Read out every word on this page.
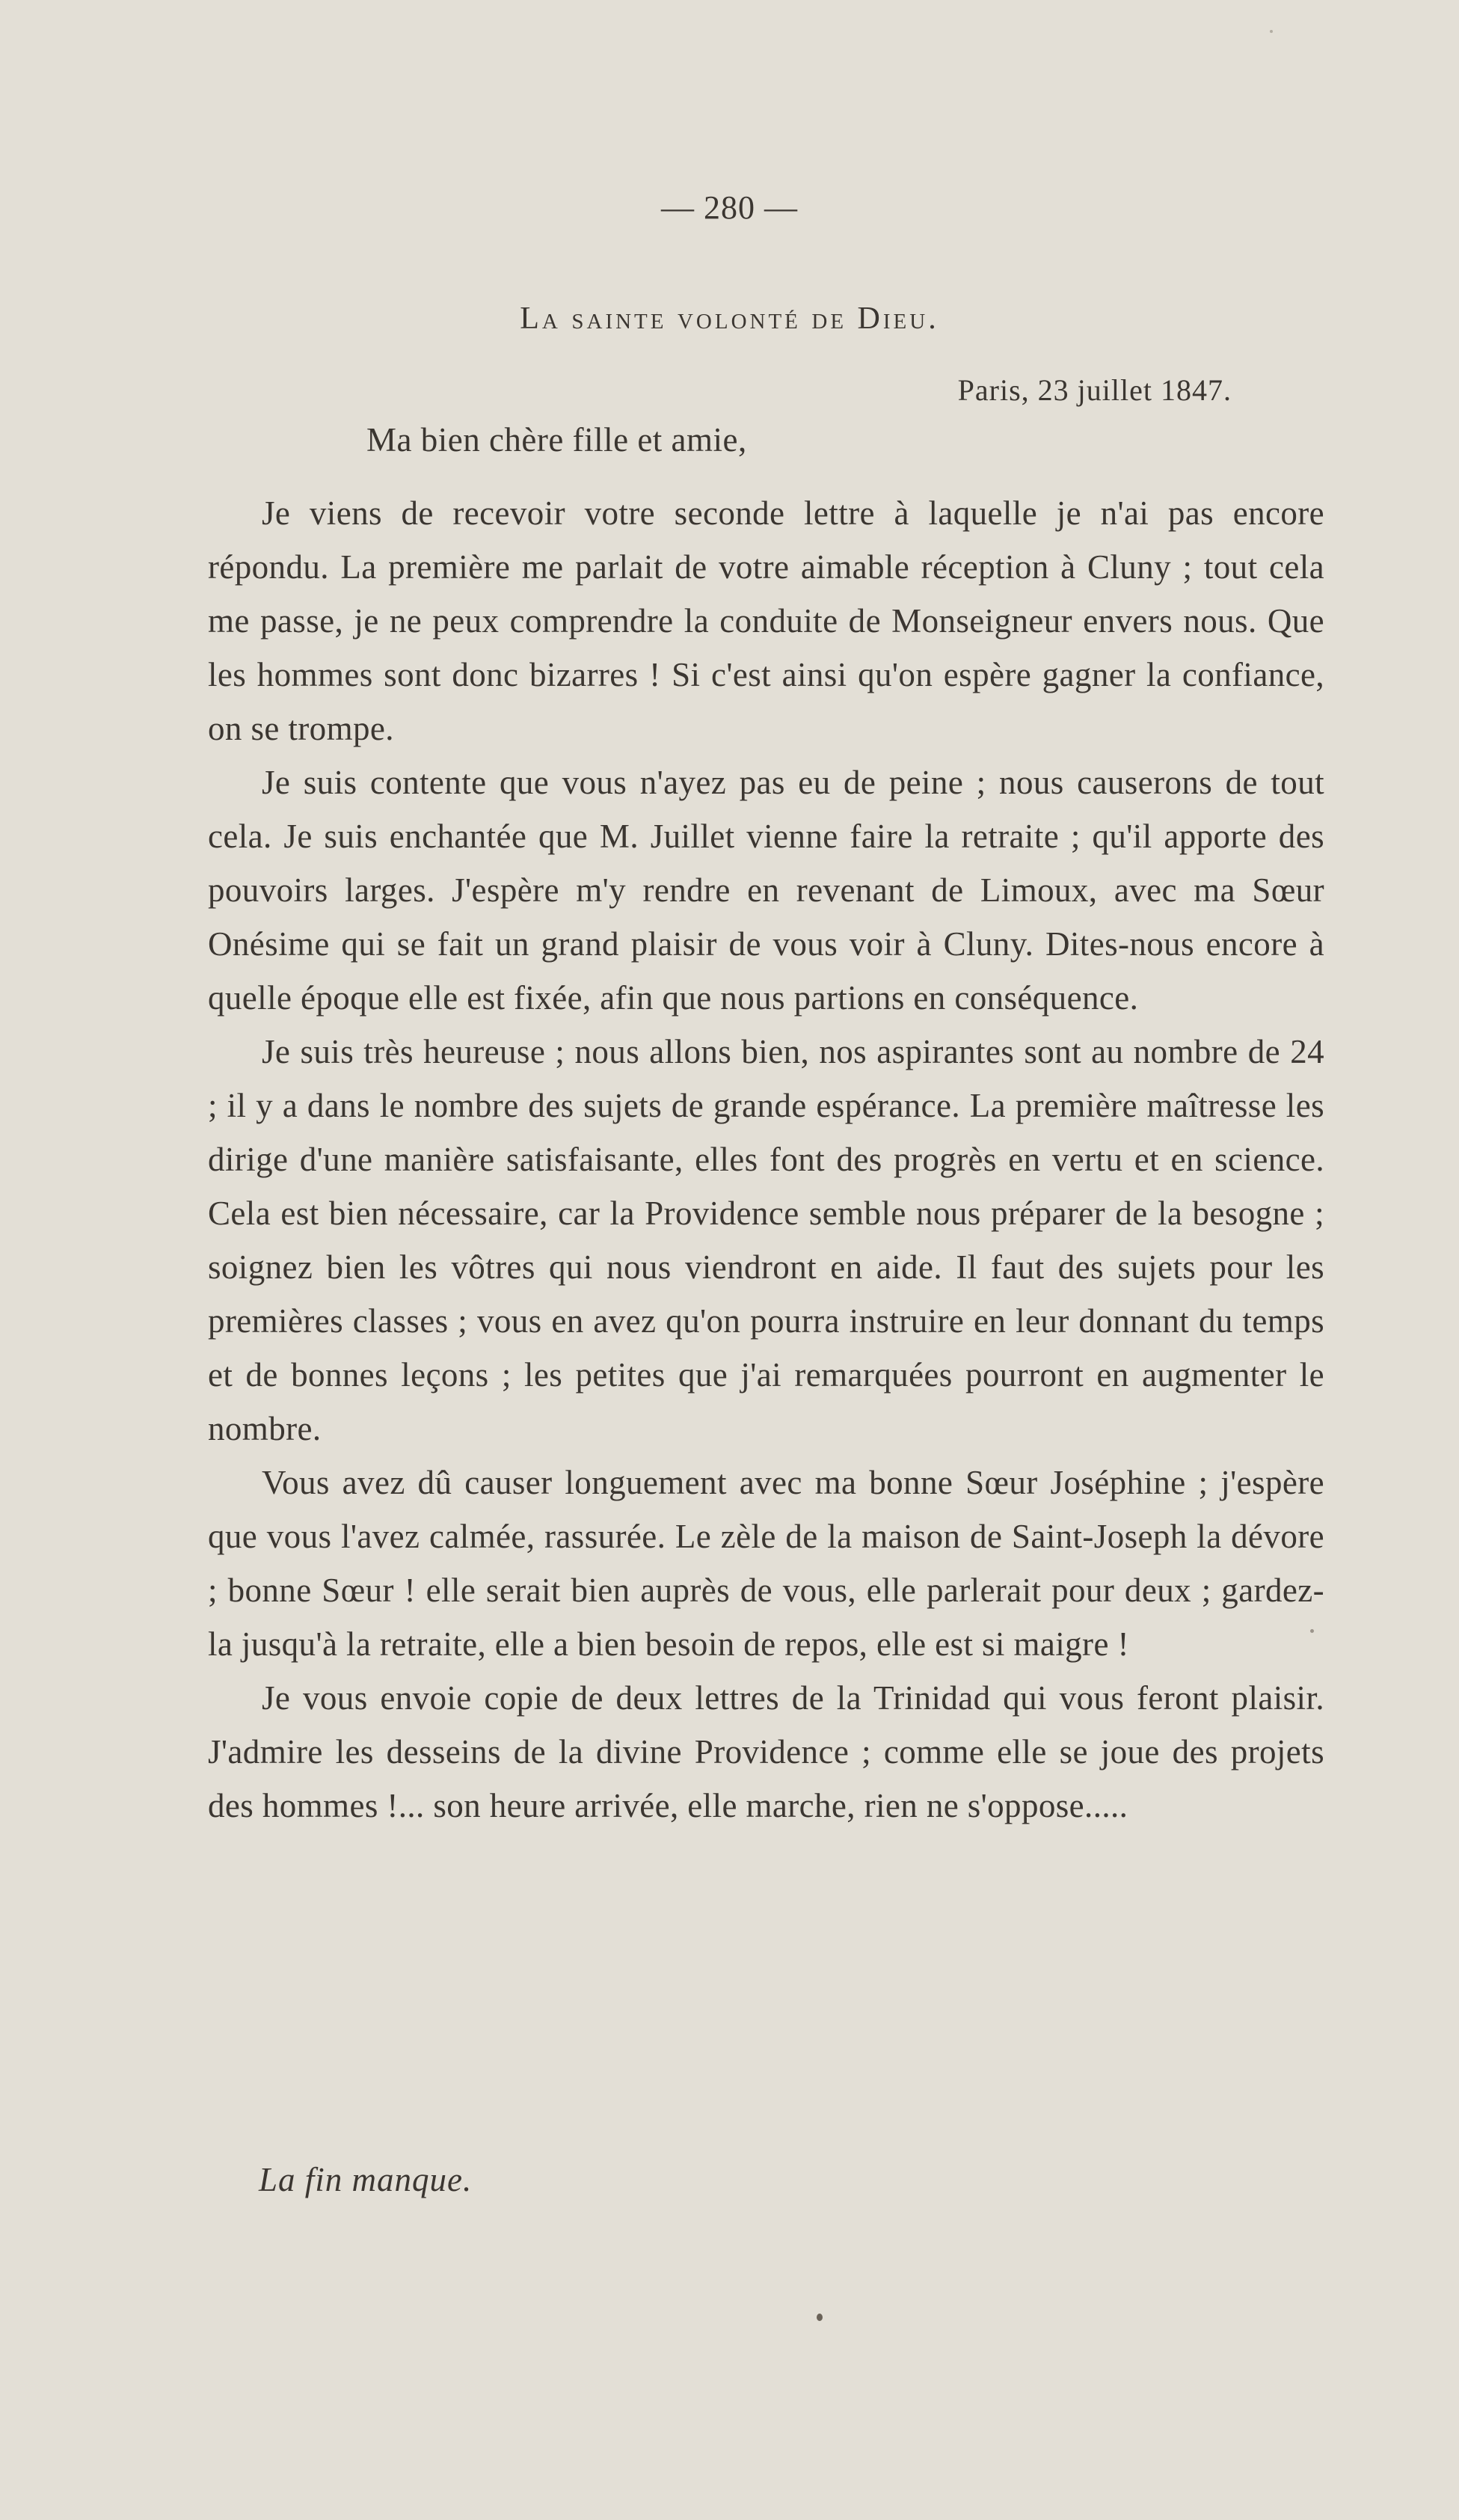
— 280 —
La sainte volonté de Dieu.
Paris, 23 juillet 1847.
Ma bien chère fille et amie,

Je viens de recevoir votre seconde lettre à laquelle je n'ai pas encore répondu. La première me parlait de votre aimable réception à Cluny ; tout cela me passe, je ne peux comprendre la conduite de Monseigneur envers nous. Que les hommes sont donc bizarres ! Si c'est ainsi qu'on espère gagner la confiance, on se trompe.

Je suis contente que vous n'ayez pas eu de peine ; nous causerons de tout cela. Je suis enchantée que M. Juillet vienne faire la retraite ; qu'il apporte des pouvoirs larges. J'espère m'y rendre en revenant de Limoux, avec ma Sœur Onésime qui se fait un grand plaisir de vous voir à Cluny. Dites-nous encore à quelle époque elle est fixée, afin que nous partions en conséquence.

Je suis très heureuse ; nous allons bien, nos aspirantes sont au nombre de 24 ; il y a dans le nombre des sujets de grande espérance. La première maîtresse les dirige d'une manière satisfaisante, elles font des progrès en vertu et en science. Cela est bien nécessaire, car la Providence semble nous préparer de la besogne ; soignez bien les vôtres qui nous viendront en aide. Il faut des sujets pour les premières classes ; vous en avez qu'on pourra instruire en leur donnant du temps et de bonnes leçons ; les petites que j'ai remarquées pourront en augmenter le nombre.

Vous avez dû causer longuement avec ma bonne Sœur Joséphine ; j'espère que vous l'avez calmée, rassurée. Le zèle de la maison de Saint-Joseph la dévore ; bonne Sœur ! elle serait bien auprès de vous, elle parlerait pour deux ; gardez-la jusqu'à la retraite, elle a bien besoin de repos, elle est si maigre !

Je vous envoie copie de deux lettres de la Trinidad qui vous feront plaisir. J'admire les desseins de la divine Providence ; comme elle se joue des projets des hommes !... son heure arrivée, elle marche, rien ne s'oppose.....

La fin manque.
